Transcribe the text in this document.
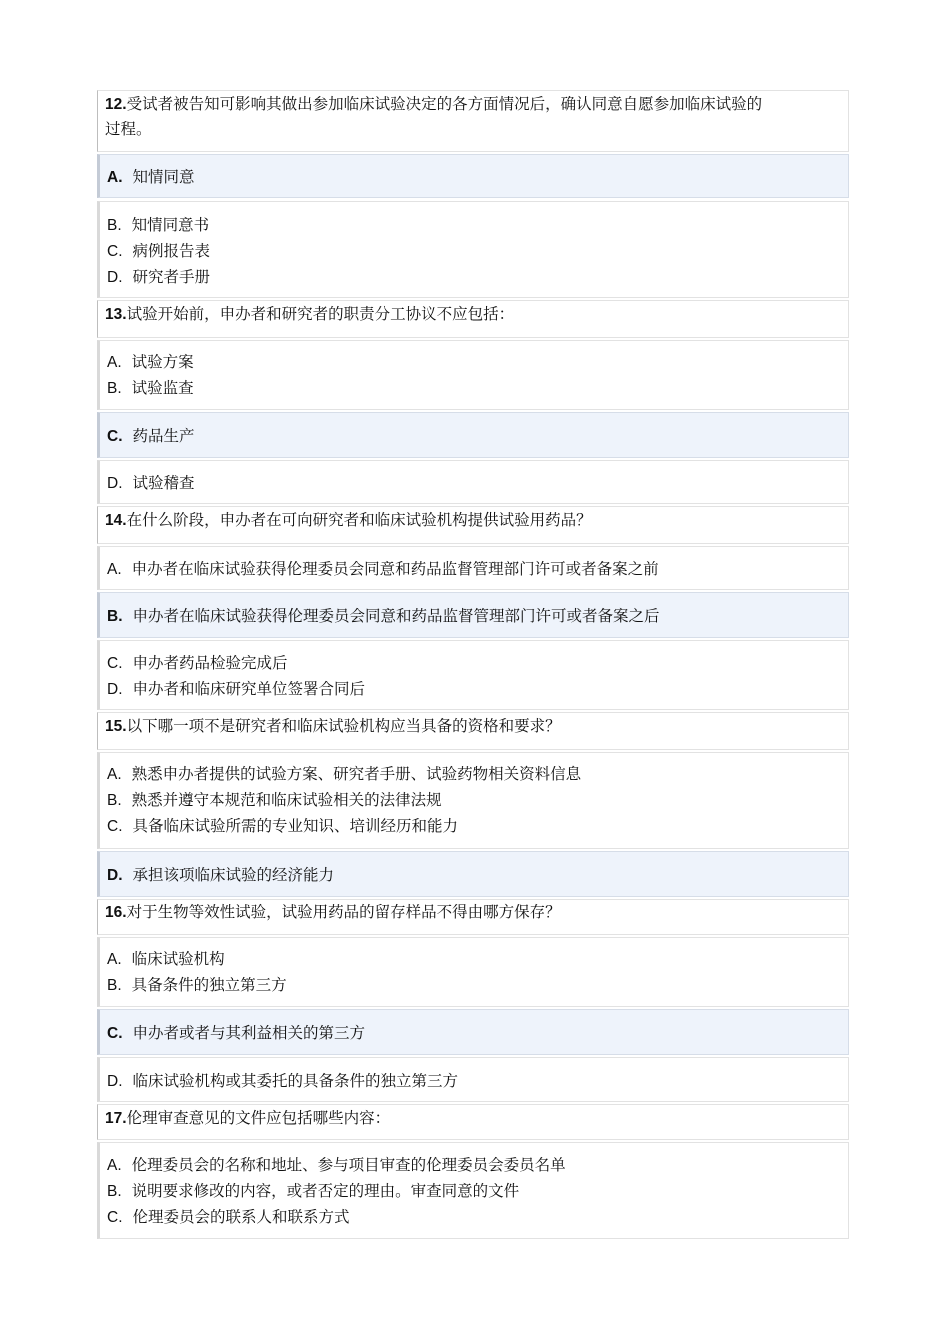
12.受试者被告知可影响其做出参加临床试验决定的各方面情况后，确认同意自愿参加临床试验的
过程。
A. 知情同意
B. 知情同意书
C. 病例报告表
D. 研究者手册
13.试验开始前，申办者和研究者的职责分工协议不应包括：
A. 试验方案
B. 试验监查
C. 药品生产
D. 试验稽查
14.在什么阶段，申办者在可向研究者和临床试验机构提供试验用药品？
A. 申办者在临床试验获得伦理委员会同意和药品监督管理部门许可或者备案之前
B. 申办者在临床试验获得伦理委员会同意和药品监督管理部门许可或者备案之后
C. 申办者药品检验完成后
D. 申办者和临床研究单位签署合同后
15.以下哪一项不是研究者和临床试验机构应当具备的资格和要求？
A. 熟悉申办者提供的试验方案、研究者手册、试验药物相关资料信息
B. 熟悉并遵守本规范和临床试验相关的法律法规
C. 具备临床试验所需的专业知识、培训经历和能力
D. 承担该项临床试验的经济能力
16.对于生物等效性试验，试验用药品的留存样品不得由哪方保存？
A. 临床试验机构
B. 具备条件的独立第三方
C. 申办者或者与其利益相关的第三方
D. 临床试验机构或其委托的具备条件的独立第三方
17.伦理审查意见的文件应包括哪些内容：
A. 伦理委员会的名称和地址、参与项目审查的伦理委员会委员名单
B. 说明要求修改的内容，或者否定的理由。审查同意的文件
C. 伦理委员会的联系人和联系方式
